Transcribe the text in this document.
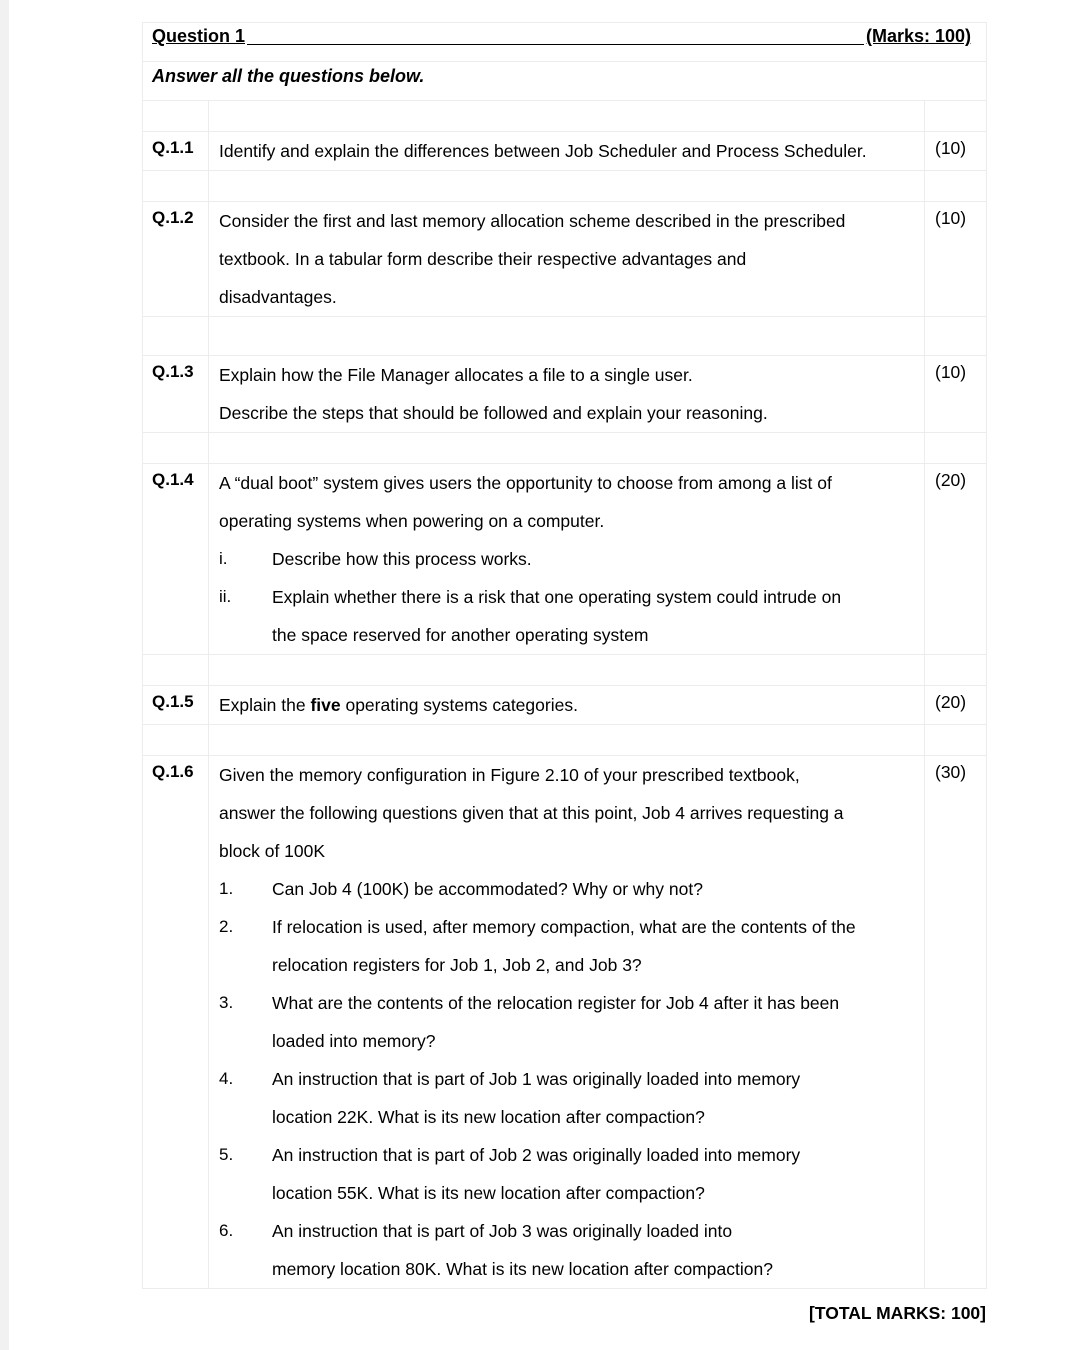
Question 1	(Marks: 100)
Answer all the questions below.
Q.1.1	Identify and explain the differences between Job Scheduler and Process Scheduler.	(10)
Q.1.2	Consider the first and last memory allocation scheme described in the prescribed
textbook. In a tabular form describe their respective advantages and
disadvantages.
(10)
Q.1.3	Explain how the File Manager allocates a file to a single user.
Describe the steps that should be followed and explain your reasoning.
(10)
Q.1.4	A “dual boot” system gives users the opportunity to choose from among a list of
operating systems when powering on a computer.
i.	Describe how this process works.
ii.	Explain whether there is a risk that one operating system could intrude on
the space reserved for another operating system
(20)
Q.1.5	Explain the five operating systems categories.	(20)
Q.1.6	Given the memory configuration in Figure 2.10 of your prescribed textbook,
answer the following questions given that at this point, Job 4 arrives requesting a
block of 100K
1.	Can Job 4 (100K) be accommodated? Why or why not?
2.	If relocation is used, after memory compaction, what are the contents of the
relocation registers for Job 1, Job 2, and Job 3?
3.	What are the contents of the relocation register for Job 4 after it has been
loaded into memory?
4.	An instruction that is part of Job 1 was originally loaded into memory
location 22K. What is its new location after compaction?
5.	An instruction that is part of Job 2 was originally loaded into memory
location 55K. What is its new location after compaction?
6.	An instruction that is part of Job 3 was originally loaded into
memory location 80K. What is its new location after compaction?
(30)
[TOTAL MARKS: 100]
